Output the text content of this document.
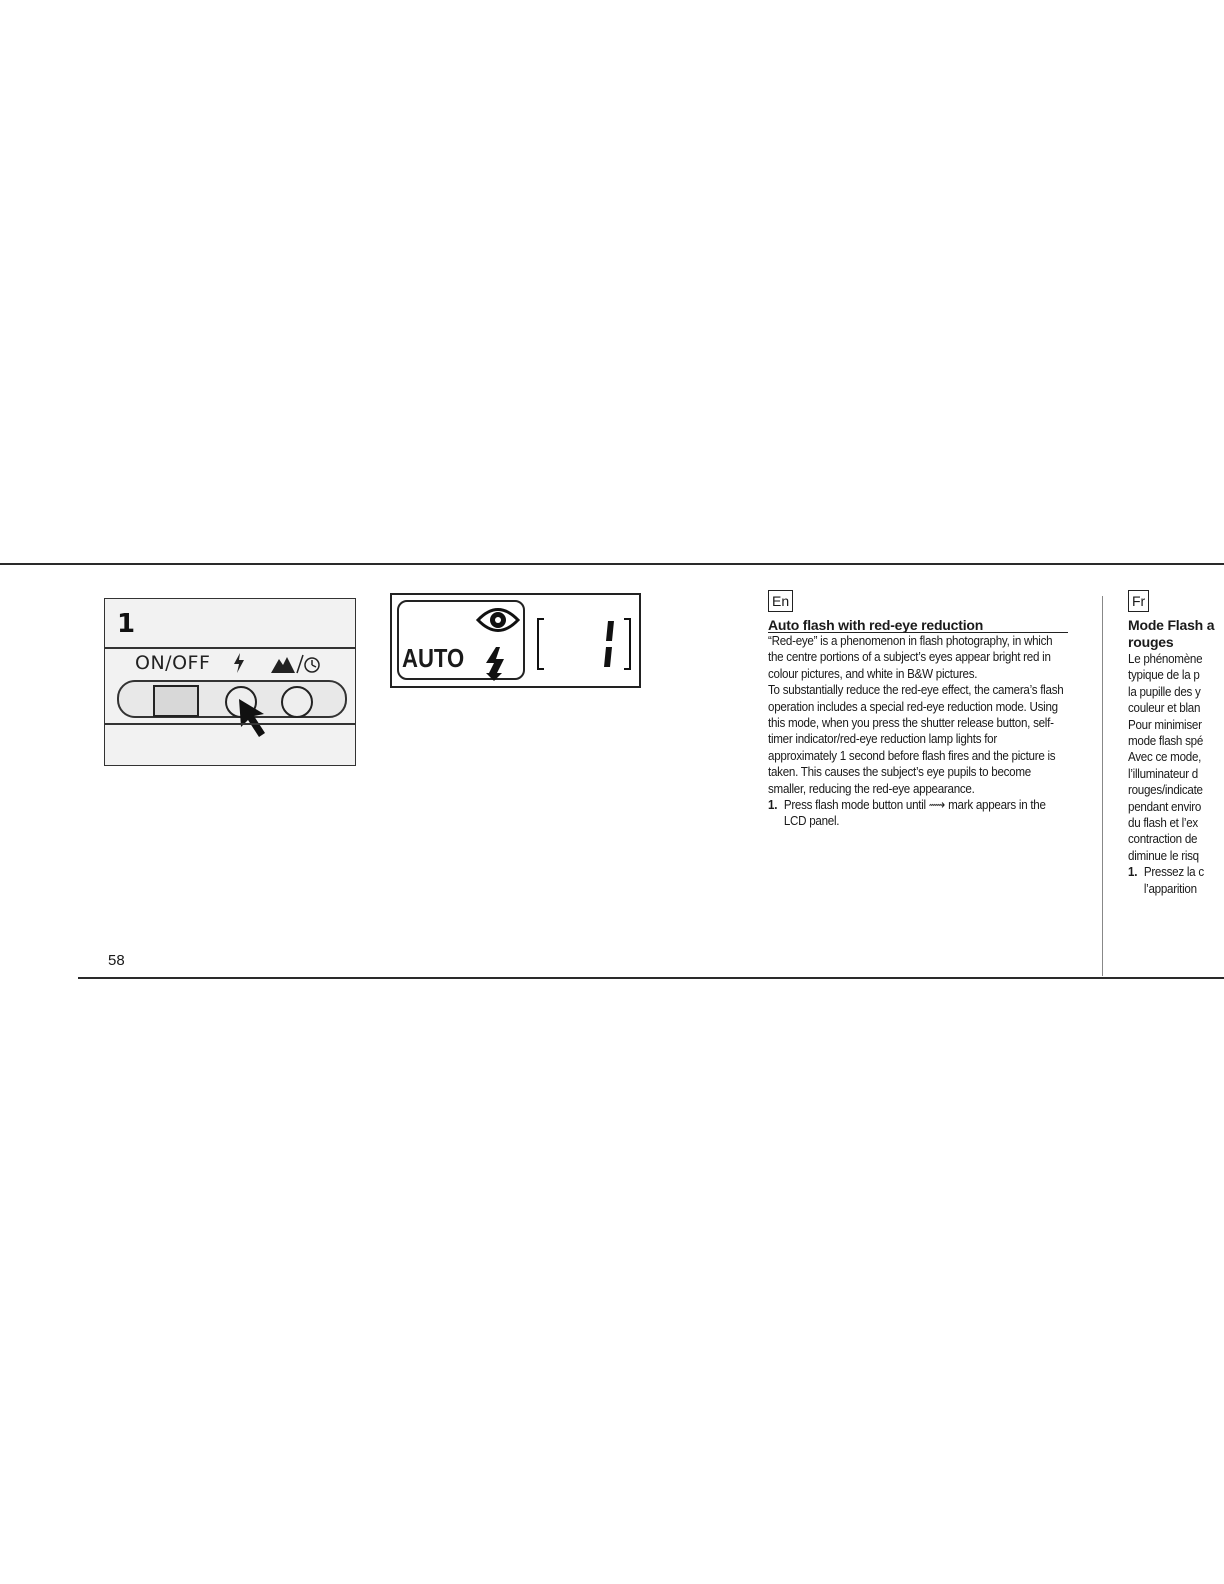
1
ON/OFF	AUTO
En
Auto flash with red-eye reduction

“Red-eye” is a phenomenon in flash photography, in which the centre portions of a subject’s eyes appear bright red in colour pictures, and white in B&W pictures.

To substantially reduce the red-eye effect, the camera’s flash operation includes a special red-eye reduction mode. Using this mode, when you press the shutter release button, self-timer indicator/red-eye reduction lamp lights for approximately 1 second before flash fires and the picture is taken. This causes the subject’s eye pupils to become smaller, reducing the red-eye appearance.

1. Press flash mode button until ⟿ mark appears in the LCD panel.
Fr
Mode Flash a
rouges
Le phénomène
typique de la p
la pupille des y
couleur et blan
Pour minimiser
mode flash spé
Avec ce mode,
l’illuminateur d
rouges/indicate
pendant enviro
du flash et l’ex
contraction de
diminue le risq
1. Pressez la c
l’apparition
58
